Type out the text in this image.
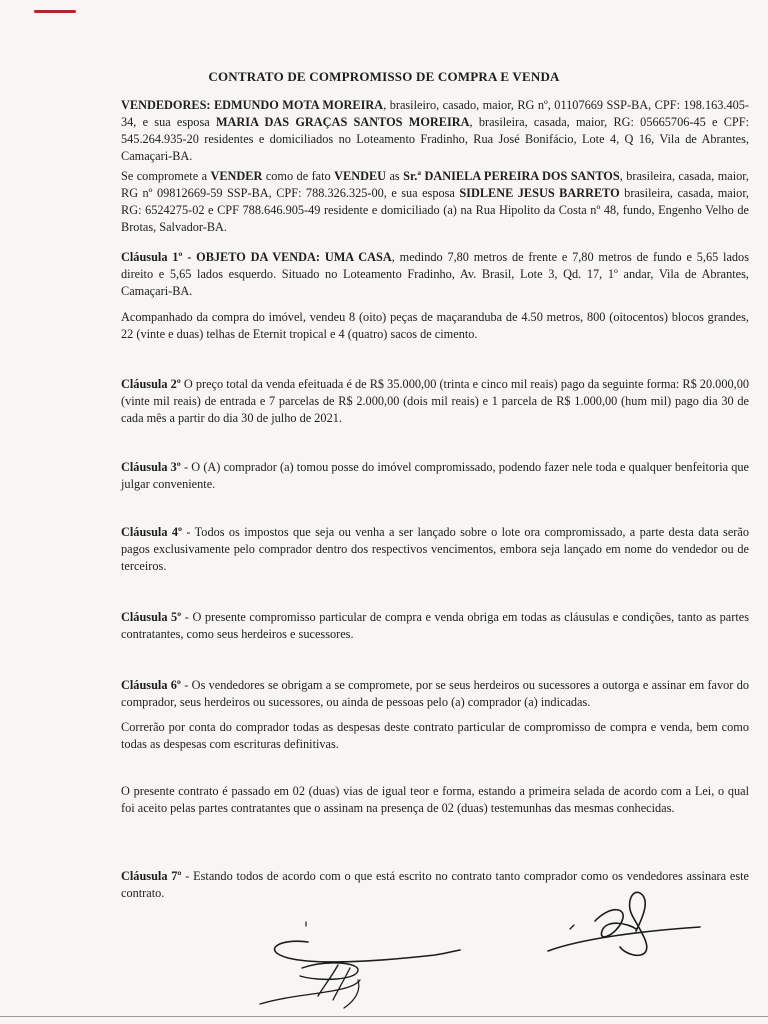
CONTRATO DE COMPROMISSO DE COMPRA E VENDA

VENDEDORES: EDMUNDO MOTA MOREIRA, brasileiro, casado, maior, RG nº, 01107669 SSP-BA, CPF: 198.163.405-34, e sua esposa MARIA DAS GRAÇAS SANTOS MOREIRA, brasileira, casada, maior, RG: 05665706-45 e CPF: 545.264.935-20 residentes e domiciliados no Loteamento Fradinho, Rua José Bonifácio, Lote 4, Q 16, Vila de Abrantes, Camaçari-BA.

Se compromete a VENDER como de fato VENDEU as Sr.ª DANIELA PEREIRA DOS SANTOS, brasileira, casada, maior, RG nº 09812669-59 SSP-BA, CPF: 788.326.325-00, e sua esposa SIDLENE JESUS BARRETO brasileira, casada, maior, RG: 6524275-02 e CPF 788.646.905-49 residente e domiciliado (a) na Rua Hipolito da Costa nº 48, fundo, Engenho Velho de Brotas, Salvador-BA.

Cláusula 1º - OBJETO DA VENDA: UMA CASA, medindo 7,80 metros de frente e 7,80 metros de fundo e 5,65 lados direito e 5,65 lados esquerdo. Situado no Loteamento Fradinho, Av. Brasil, Lote 3, Qd. 17, 1º andar, Vila de Abrantes, Camaçari-BA.

Acompanhado da compra do imóvel, vendeu 8 (oito) peças de maçaranduba de 4.50 metros, 800 (oitocentos) blocos grandes, 22 (vinte e duas) telhas de Eternit tropical e 4 (quatro) sacos de cimento.

Cláusula 2º O preço total da venda efeituada é de R$ 35.000,00 (trinta e cinco mil reais) pago da seguinte forma: R$ 20.000,00 (vinte mil reais) de entrada e 7 parcelas de R$ 2.000,00 (dois mil reais) e 1 parcela de R$ 1.000,00 (hum mil) pago dia 30 de cada mês a partir do dia 30 de julho de 2021.

Cláusula 3º - O (A) comprador (a) tomou posse do imóvel compromissado, podendo fazer nele toda e qualquer benfeitoria que julgar conveniente.

Cláusula 4º - Todos os impostos que seja ou venha a ser lançado sobre o lote ora compromissado, a parte desta data serão pagos exclusivamente pelo comprador dentro dos respectivos vencimentos, embora seja lançado em nome do vendedor ou de terceiros.

Cláusula 5º - O presente compromisso particular de compra e venda obriga em todas as cláusulas e condições, tanto as partes contratantes, como seus herdeiros e sucessores.

Cláusula 6º - Os vendedores se obrigam a se compromete, por se seus herdeiros ou sucessores a outorga e assinar em favor do comprador, seus herdeiros ou sucessores, ou ainda de pessoas pelo (a) comprador (a) indicadas.

Correrão por conta do comprador todas as despesas deste contrato particular de compromisso de compra e venda, bem como todas as despesas com escrituras definitivas.

O presente contrato é passado em 02 (duas) vias de igual teor e forma, estando a primeira selada de acordo com a Lei, o qual foi aceito pelas partes contratantes que o assinam na presença de 02 (duas) testemunhas das mesmas conhecidas.

Cláusula 7º - Estando todos de acordo com o que está escrito no contrato tanto comprador como os vendedores assinara este contrato.
